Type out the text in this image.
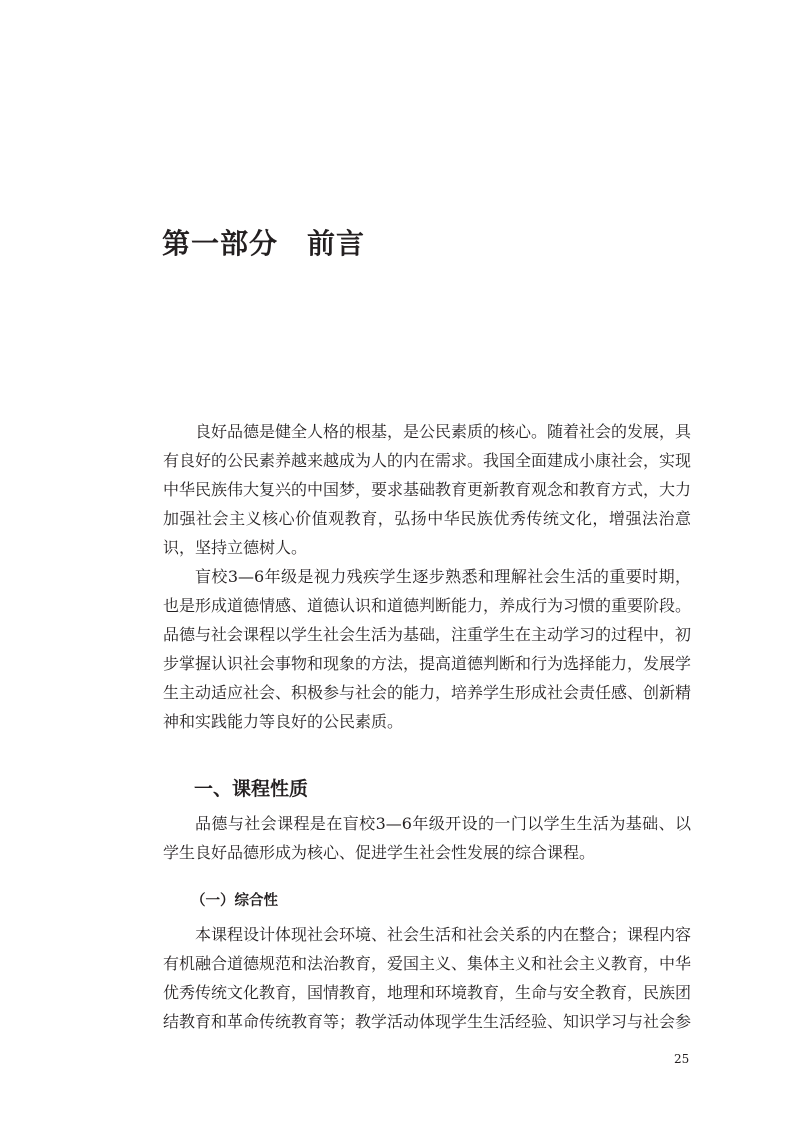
第一部分　前言

良好品德是健全人格的根基，是公民素质的核心。随着社会的发展，具有良好的公民素养越来越成为人的内在需求。我国全面建成小康社会，实现中华民族伟大复兴的中国梦，要求基础教育更新教育观念和教育方式，大力加强社会主义核心价值观教育，弘扬中华民族优秀传统文化，增强法治意识，坚持立德树人。

盲校3—6年级是视力残疾学生逐步熟悉和理解社会生活的重要时期，也是形成道德情感、道德认识和道德判断能力，养成行为习惯的重要阶段。品德与社会课程以学生社会生活为基础，注重学生在主动学习的过程中，初步掌握认识社会事物和现象的方法，提高道德判断和行为选择能力，发展学生主动适应社会、积极参与社会的能力，培养学生形成社会责任感、创新精神和实践能力等良好的公民素质。

一、课程性质

品德与社会课程是在盲校3—6年级开设的一门以学生生活为基础、以学生良好品德形成为核心、促进学生社会性发展的综合课程。

（一）综合性

本课程设计体现社会环境、社会生活和社会关系的内在整合；课程内容有机融合道德规范和法治教育，爱国主义、集体主义和社会主义教育，中华优秀传统文化教育，国情教育，地理和环境教育，生命与安全教育，民族团结教育和革命传统教育等；教学活动体现学生生活经验、知识学习与社会参

25
